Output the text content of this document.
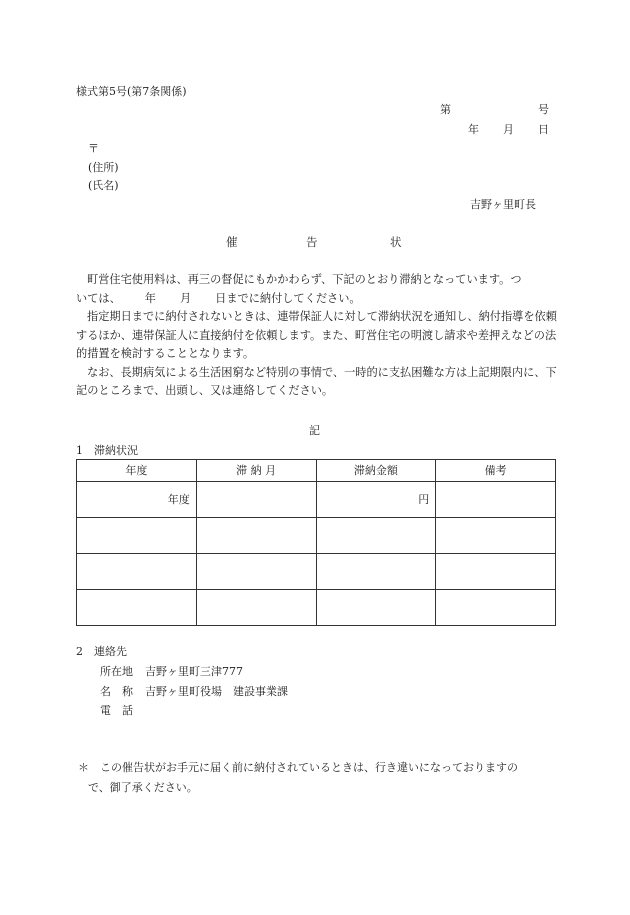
様式第5号(第7条関係)
第	号
年 月 日
〒
(住所)
(氏名)
吉野ヶ里町長
催	告	状

町営住宅使用料は、再三の督促にもかかわらず、下記のとおり滞納となっています。つ

いては、 年 月 日までに納付してください。

指定期日までに納付されないときは、連帯保証人に対して滞納状況を通知し、納付指導を依頼するほか、連帯保証人に直接納付を依頼します。また、町営住宅の明渡し請求や差押えなどの法的措置を検討することとなります。

なお、長期病気による生活困窮など特別の事情で、一時的に支払困難な方は上記期限内に、下記のところまで、出頭し、又は連絡してください。

記
1　滞納状況
年度	滞 納 月	滞納金額	備考
年度		円	

2　連絡先
所在地 吉野ヶ里町三津777
名　称 吉野ヶ里町役場　建設事業課
電　話
＊ この催告状がお手元に届く前に納付されているときは、行き違いになっておりますの
で、御了承ください。
